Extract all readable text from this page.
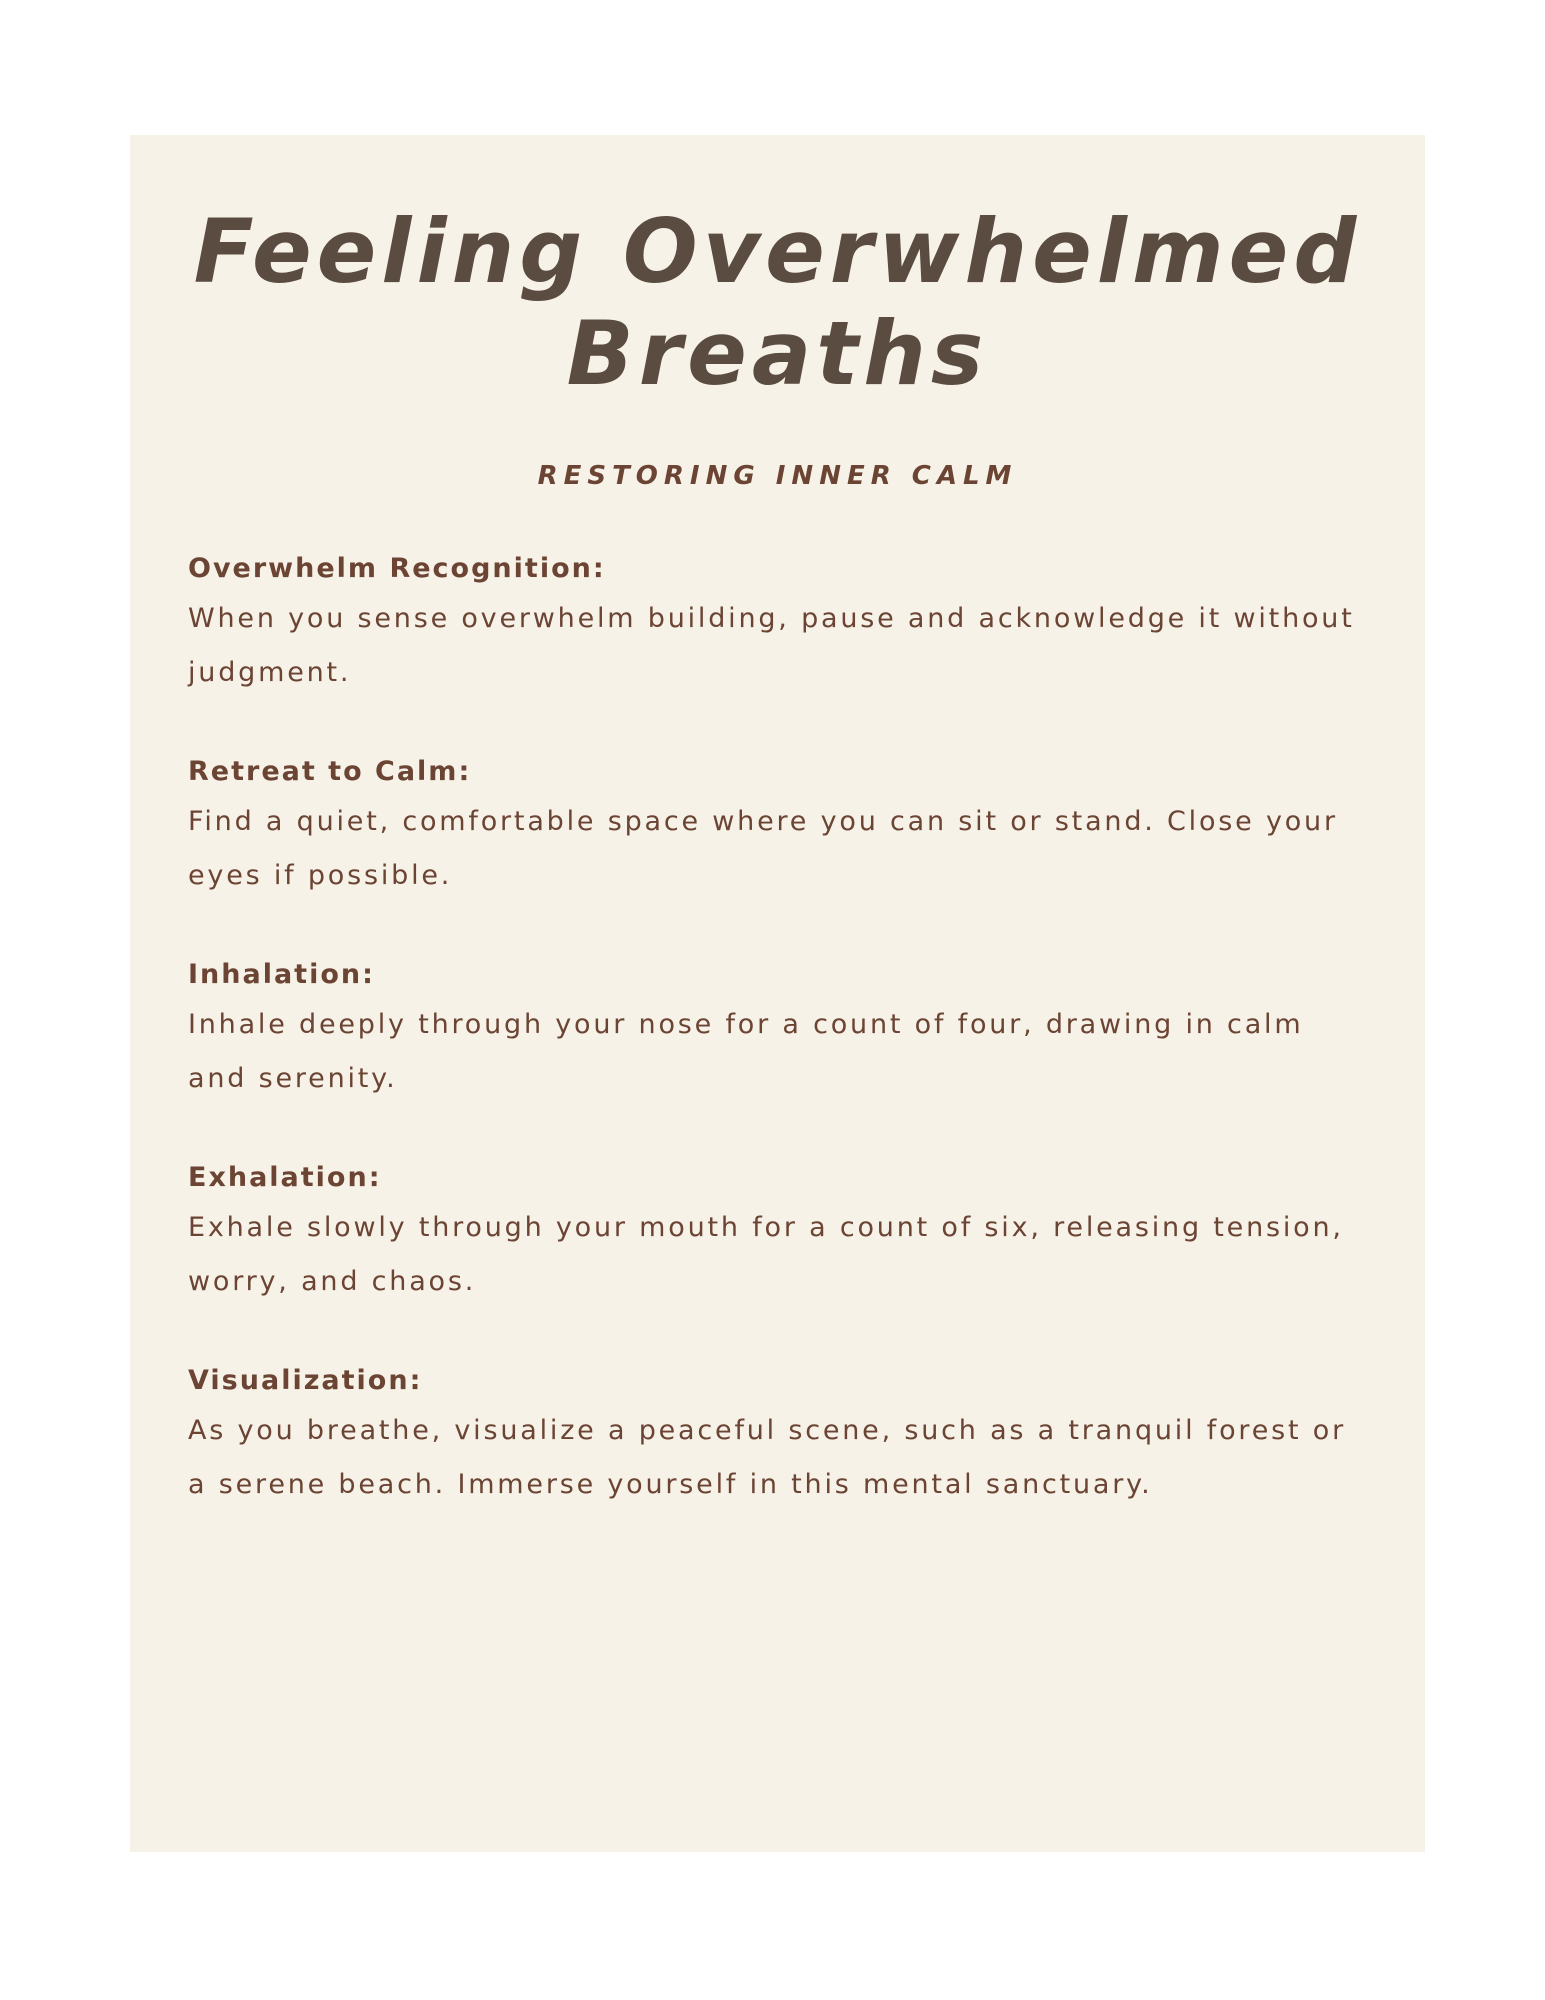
Feeling Overwhelmed Breaths
RESTORING INNER CALM
Overwhelm Recognition:
When you sense overwhelm building, pause and acknowledge it without judgment.
Retreat to Calm:
Find a quiet, comfortable space where you can sit or stand. Close your eyes if possible.
Inhalation:
Inhale deeply through your nose for a count of four, drawing in calm and serenity.
Exhalation:
Exhale slowly through your mouth for a count of six, releasing tension, worry, and chaos.
Visualization:
As you breathe, visualize a peaceful scene, such as a tranquil forest or a serene beach. Immerse yourself in this mental sanctuary.
